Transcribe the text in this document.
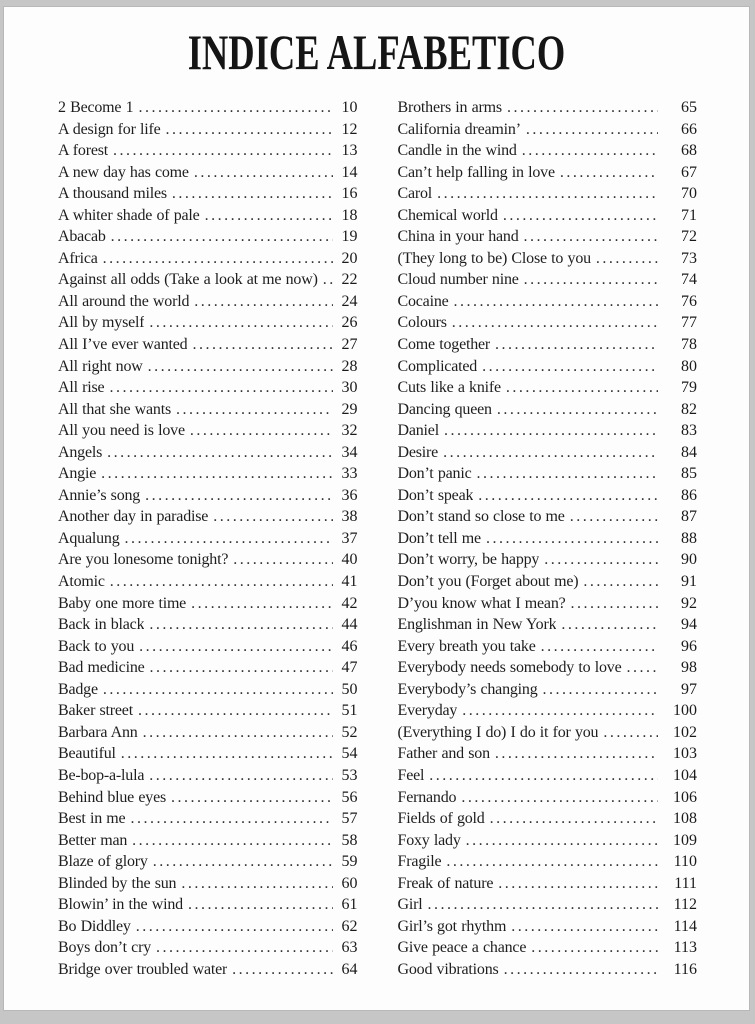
INDICE ALFABETICO
2 Become 1 .....	10
A design for life .....	12
A forest .....	13
A new day has come .....	14
A thousand miles .....	16
A whiter shade of pale .....	18
Abacab .....	19
Africa .....	20
Against all odds (Take a look at me now) .....	22
All around the world .....	24
All by myself .....	26
All I’ve ever wanted .....	27
All right now .....	28
All rise .....	30
All that she wants .....	29
All you need is love .....	32
Angels .....	34
Angie .....	33
Annie’s song .....	36
Another day in paradise .....	38
Aqualung .....	37
Are you lonesome tonight? .....	40
Atomic .....	41
Baby one more time .....	42
Back in black .....	44
Back to you .....	46
Bad medicine .....	47
Badge .....	50
Baker street .....	51
Barbara Ann .....	52
Beautiful .....	54
Be-bop-a-lula .....	53
Behind blue eyes .....	56
Best in me .....	57
Better man .....	58
Blaze of glory .....	59
Blinded by the sun .....	60
Blowin’ in the wind .....	61
Bo Diddley .....	62
Boys don’t cry .....	63
Bridge over troubled water .....	64
Brothers in arms .....	65
California dreamin’ .....	66
Candle in the wind .....	68
Can’t help falling in love .....	67
Carol .....	70
Chemical world .....	71
China in your hand .....	72
(They long to be) Close to you .....	73
Cloud number nine .....	74
Cocaine .....	76
Colours .....	77
Come together .....	78
Complicated .....	80
Cuts like a knife .....	79
Dancing queen .....	82
Daniel .....	83
Desire .....	84
Don’t panic .....	85
Don’t speak .....	86
Don’t stand so close to me .....	87
Don’t tell me .....	88
Don’t worry, be happy .....	90
Don’t you (Forget about me) .....	91
D’you know what I mean? .....	92
Englishman in New York .....	94
Every breath you take .....	96
Everybody needs somebody to love .....	98
Everybody’s changing .....	97
Everyday .....	100
(Everything I do) I do it for you .....	102
Father and son .....	103
Feel .....	104
Fernando .....	106
Fields of gold .....	108
Foxy lady .....	109
Fragile .....	110
Freak of nature .....	111
Girl .....	112
Girl’s got rhythm .....	114
Give peace a chance .....	113
Good vibrations .....	116
